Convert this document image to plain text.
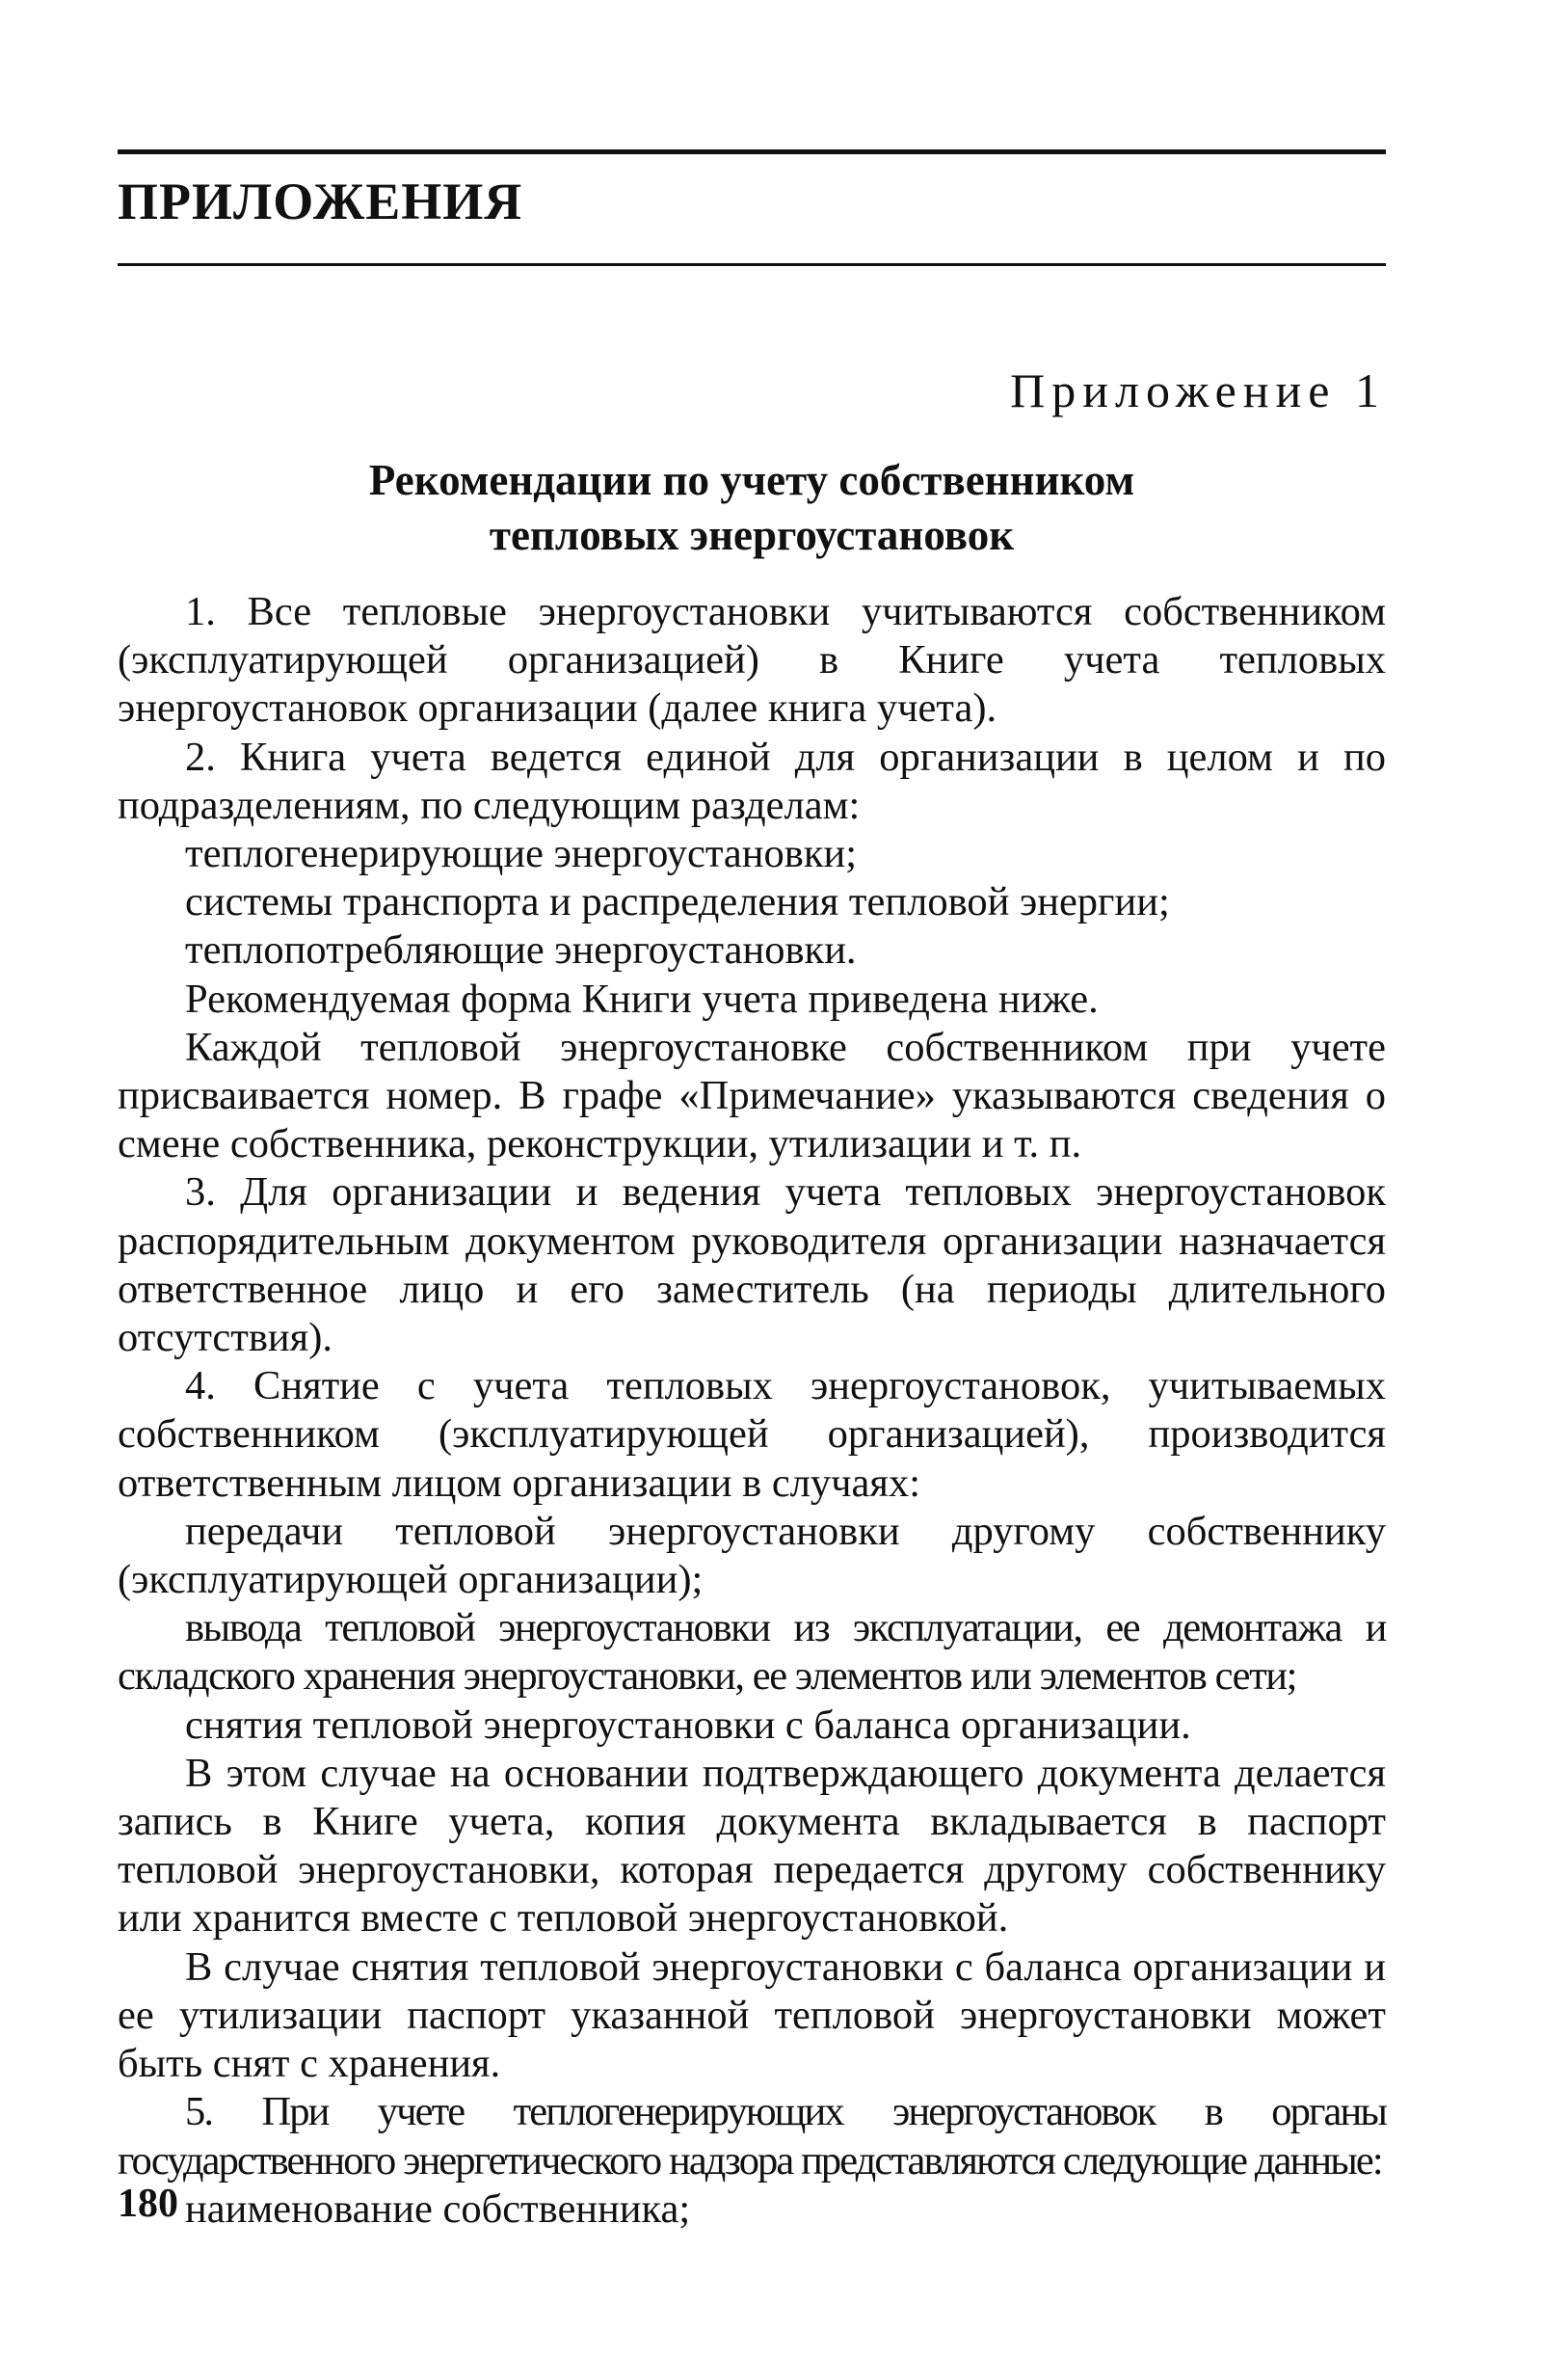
ПРИЛОЖЕНИЯ

Приложение 1

Рекомендации по учету собственником
тепловых энергоустановок

1. Все тепловые энергоустановки учитываются собственником (эксплуатирующей организацией) в Книге учета тепловых энергоустановок организации (далее книга учета).

2. Книга учета ведется единой для организации в целом и по подразделениям, по следующим разделам:

теплогенерирующие энергоустановки;

системы транспорта и распределения тепловой энергии;

теплопотребляющие энергоустановки.

Рекомендуемая форма Книги учета приведена ниже.

Каждой тепловой энергоустановке собственником при учете присваивается номер. В графе «Примечание» указываются сведения о смене собственника, реконструкции, утилизации и т. п.

3. Для организации и ведения учета тепловых энергоустановок распорядительным документом руководителя организации назначается ответственное лицо и его заместитель (на периоды длительного отсутствия).

4. Снятие с учета тепловых энергоустановок, учитываемых собственником (эксплуатирующей организацией), производится ответственным лицом организации в случаях:

передачи тепловой энергоустановки другому собственнику (эксплуатирующей организации);

вывода тепловой энергоустановки из эксплуатации, ее демонтажа и складского хранения энергоустановки, ее элементов или элементов сети;

снятия тепловой энергоустановки с баланса организации.

В этом случае на основании подтверждающего документа делается запись в Книге учета, копия документа вкладывается в паспорт тепловой энергоустановки, которая передается другому собственнику или хранится вместе с тепловой энергоустановкой.

В случае снятия тепловой энергоустановки с баланса организации и ее утилизации паспорт указанной тепловой энергоустановки может быть снят с хранения.

5. При учете теплогенерирующих энергоустановок в органы государственного энергетического надзора представляются следующие данные:

наименование собственника;

180
